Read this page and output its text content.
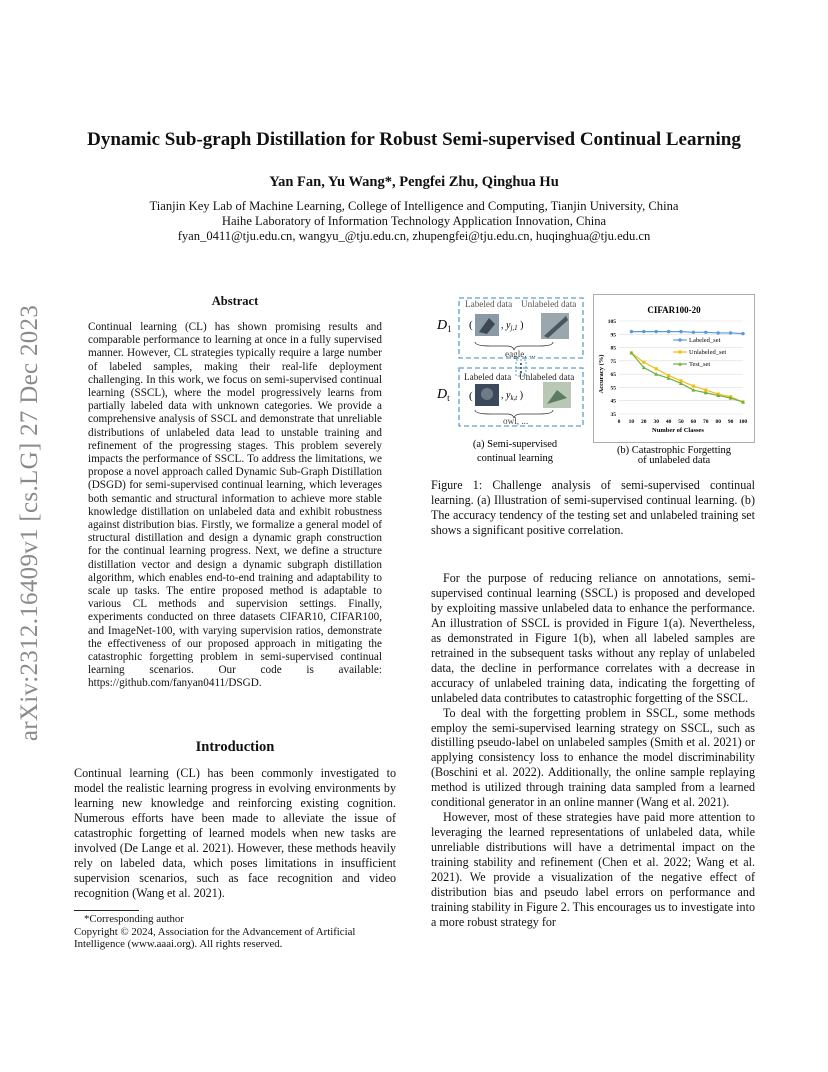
arXiv:2312.16409v1 [cs.LG] 27 Dec 2023
Dynamic Sub-graph Distillation for Robust Semi-supervised Continual Learning
Yan Fan, Yu Wang*, Pengfei Zhu, Qinghua Hu
Tianjin Key Lab of Machine Learning, College of Intelligence and Computing, Tianjin University, China
Haihe Laboratory of Information Technology Application Innovation, China
fyan_0411@tju.edu.cn, wangyu_@tju.edu.cn, zhupengfei@tju.edu.cn, huqinghua@tju.edu.cn
Abstract
Continual learning (CL) has shown promising results and comparable performance to learning at once in a fully supervised manner. However, CL strategies typically require a large number of labeled samples, making their real-life deployment challenging. In this work, we focus on semi-supervised continual learning (SSCL), where the model progressively learns from partially labeled data with unknown categories. We provide a comprehensive analysis of SSCL and demonstrate that unreliable distributions of unlabeled data lead to unstable training and refinement of the progressing stages. This problem severely impacts the performance of SSCL. To address the limitations, we propose a novel approach called Dynamic Sub-Graph Distillation (DSGD) for semi-supervised continual learning, which leverages both semantic and structural information to achieve more stable knowledge distillation on unlabeled data and exhibit robustness against distribution bias. Firstly, we formalize a general model of structural distillation and design a dynamic graph construction for the continual learning progress. Next, we define a structure distillation vector and design a dynamic subgraph distillation algorithm, which enables end-to-end training and adaptability to scale up tasks. The entire proposed method is adaptable to various CL methods and supervision settings. Finally, experiments conducted on three datasets CIFAR10, CIFAR100, and ImageNet-100, with varying supervision ratios, demonstrate the effectiveness of our proposed approach in mitigating the catastrophic forgetting problem in semi-supervised continual learning scenarios. Our code is available: https://github.com/fanyan0411/DSGD.
Introduction

Continual learning (CL) has been commonly investigated to model the realistic learning progress in evolving environments by learning new knowledge and reinforcing existing cognition. Numerous efforts have been made to alleviate the issue of catastrophic forgetting of learned models when new tasks are involved (De Lange et al. 2021). However, these methods heavily rely on labeled data, which poses limitations in insufficient supervision scenarios, such as face recognition and video recognition (Wang et al. 2021).

*Corresponding author

Copyright © 2024, Association for the Advancement of Artificial Intelligence (www.aaai.org). All rights reserved.

$D_1$
Labeled data Unlabeled data
(	, $y_{j,1}$ )
eagle, ...
$D_t$
Labeled data Unlabeled data
(	, $y_{k,t}$ )
owl, ...
(a) Semi-supervised
continual learning
CIFAR100-20
Accuracy (%)
Number of Classes
35
45
55
65
75
85
95
105
0 10 20 30 40 50 60 70 80 90 100
Labeled_set
Unlabeled_set
Test_set
(b) Catastrophic Forgetting
of unlabeled data
Figure 1: Challenge analysis of semi-supervised continual learning. (a) Illustration of semi-supervised continual learning. (b) The accuracy tendency of the testing set and unlabeled training set shows a significant positive correlation.

For the purpose of reducing reliance on annotations, semi-supervised continual learning (SSCL) is proposed and developed by exploiting massive unlabeled data to enhance the performance. An illustration of SSCL is provided in Figure 1(a). Nevertheless, as demonstrated in Figure 1(b), when all labeled samples are retrained in the subsequent tasks without any replay of unlabeled data, the decline in performance correlates with a decrease in accuracy of unlabeled training data, indicating the forgetting of unlabeled data contributes to catastrophic forgetting of the SSCL.

To deal with the forgetting problem in SSCL, some methods employ the semi-supervised learning strategy on SSCL, such as distilling pseudo-label on unlabeled samples (Smith et al. 2021) or applying consistency loss to enhance the model discriminability (Boschini et al. 2022). Additionally, the online sample replaying method is utilized through training data sampled from a learned conditional generator in an online manner (Wang et al. 2021).

However, most of these strategies have paid more attention to leveraging the learned representations of unlabeled data, while unreliable distributions will have a detrimental impact on the training stability and refinement (Chen et al. 2022; Wang et al. 2021). We provide a visualization of the negative effect of distribution bias and pseudo label errors on performance and training stability in Figure 2. This encourages us to investigate into a more robust strategy for
